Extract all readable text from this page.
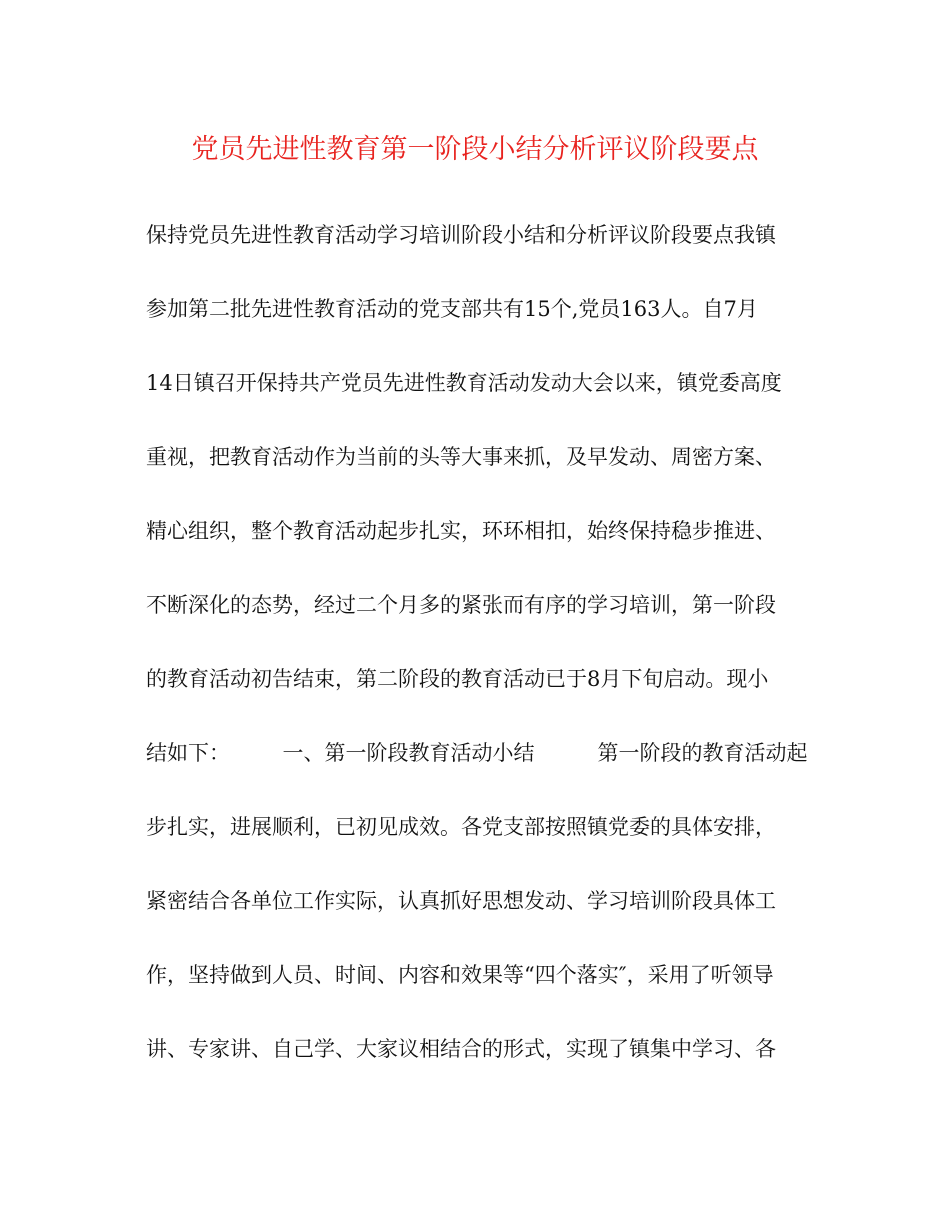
党员先进性教育第一阶段小结分析评议阶段要点
保持党员先进性教育活动学习培训阶段小结和分析评议阶段要点我镇
参加第二批先进性教育活动的党支部共有15个,党员163人。自7月
14日镇召开保持共产党员先进性教育活动发动大会以来，镇党委高度
重视，把教育活动作为当前的头等大事来抓，及早发动、周密方案、
精心组织，整个教育活动起步扎实，环环相扣，始终保持稳步推进、
不断深化的态势，经过二个月多的紧张而有序的学习培训，第一阶段
的教育活动初告结束，第二阶段的教育活动已于8月下旬启动。现小
结如下：　　　一、第一阶段教育活动小结　　　第一阶段的教育活动起
步扎实，进展顺利，已初见成效。各党支部按照镇党委的具体安排，
紧密结合各单位工作实际，认真抓好思想发动、学习培训阶段具体工
作，坚持做到人员、时间、内容和效果等“四个落实″，采用了听领导
讲、专家讲、自己学、大家议相结合的形式，实现了镇集中学习、各
